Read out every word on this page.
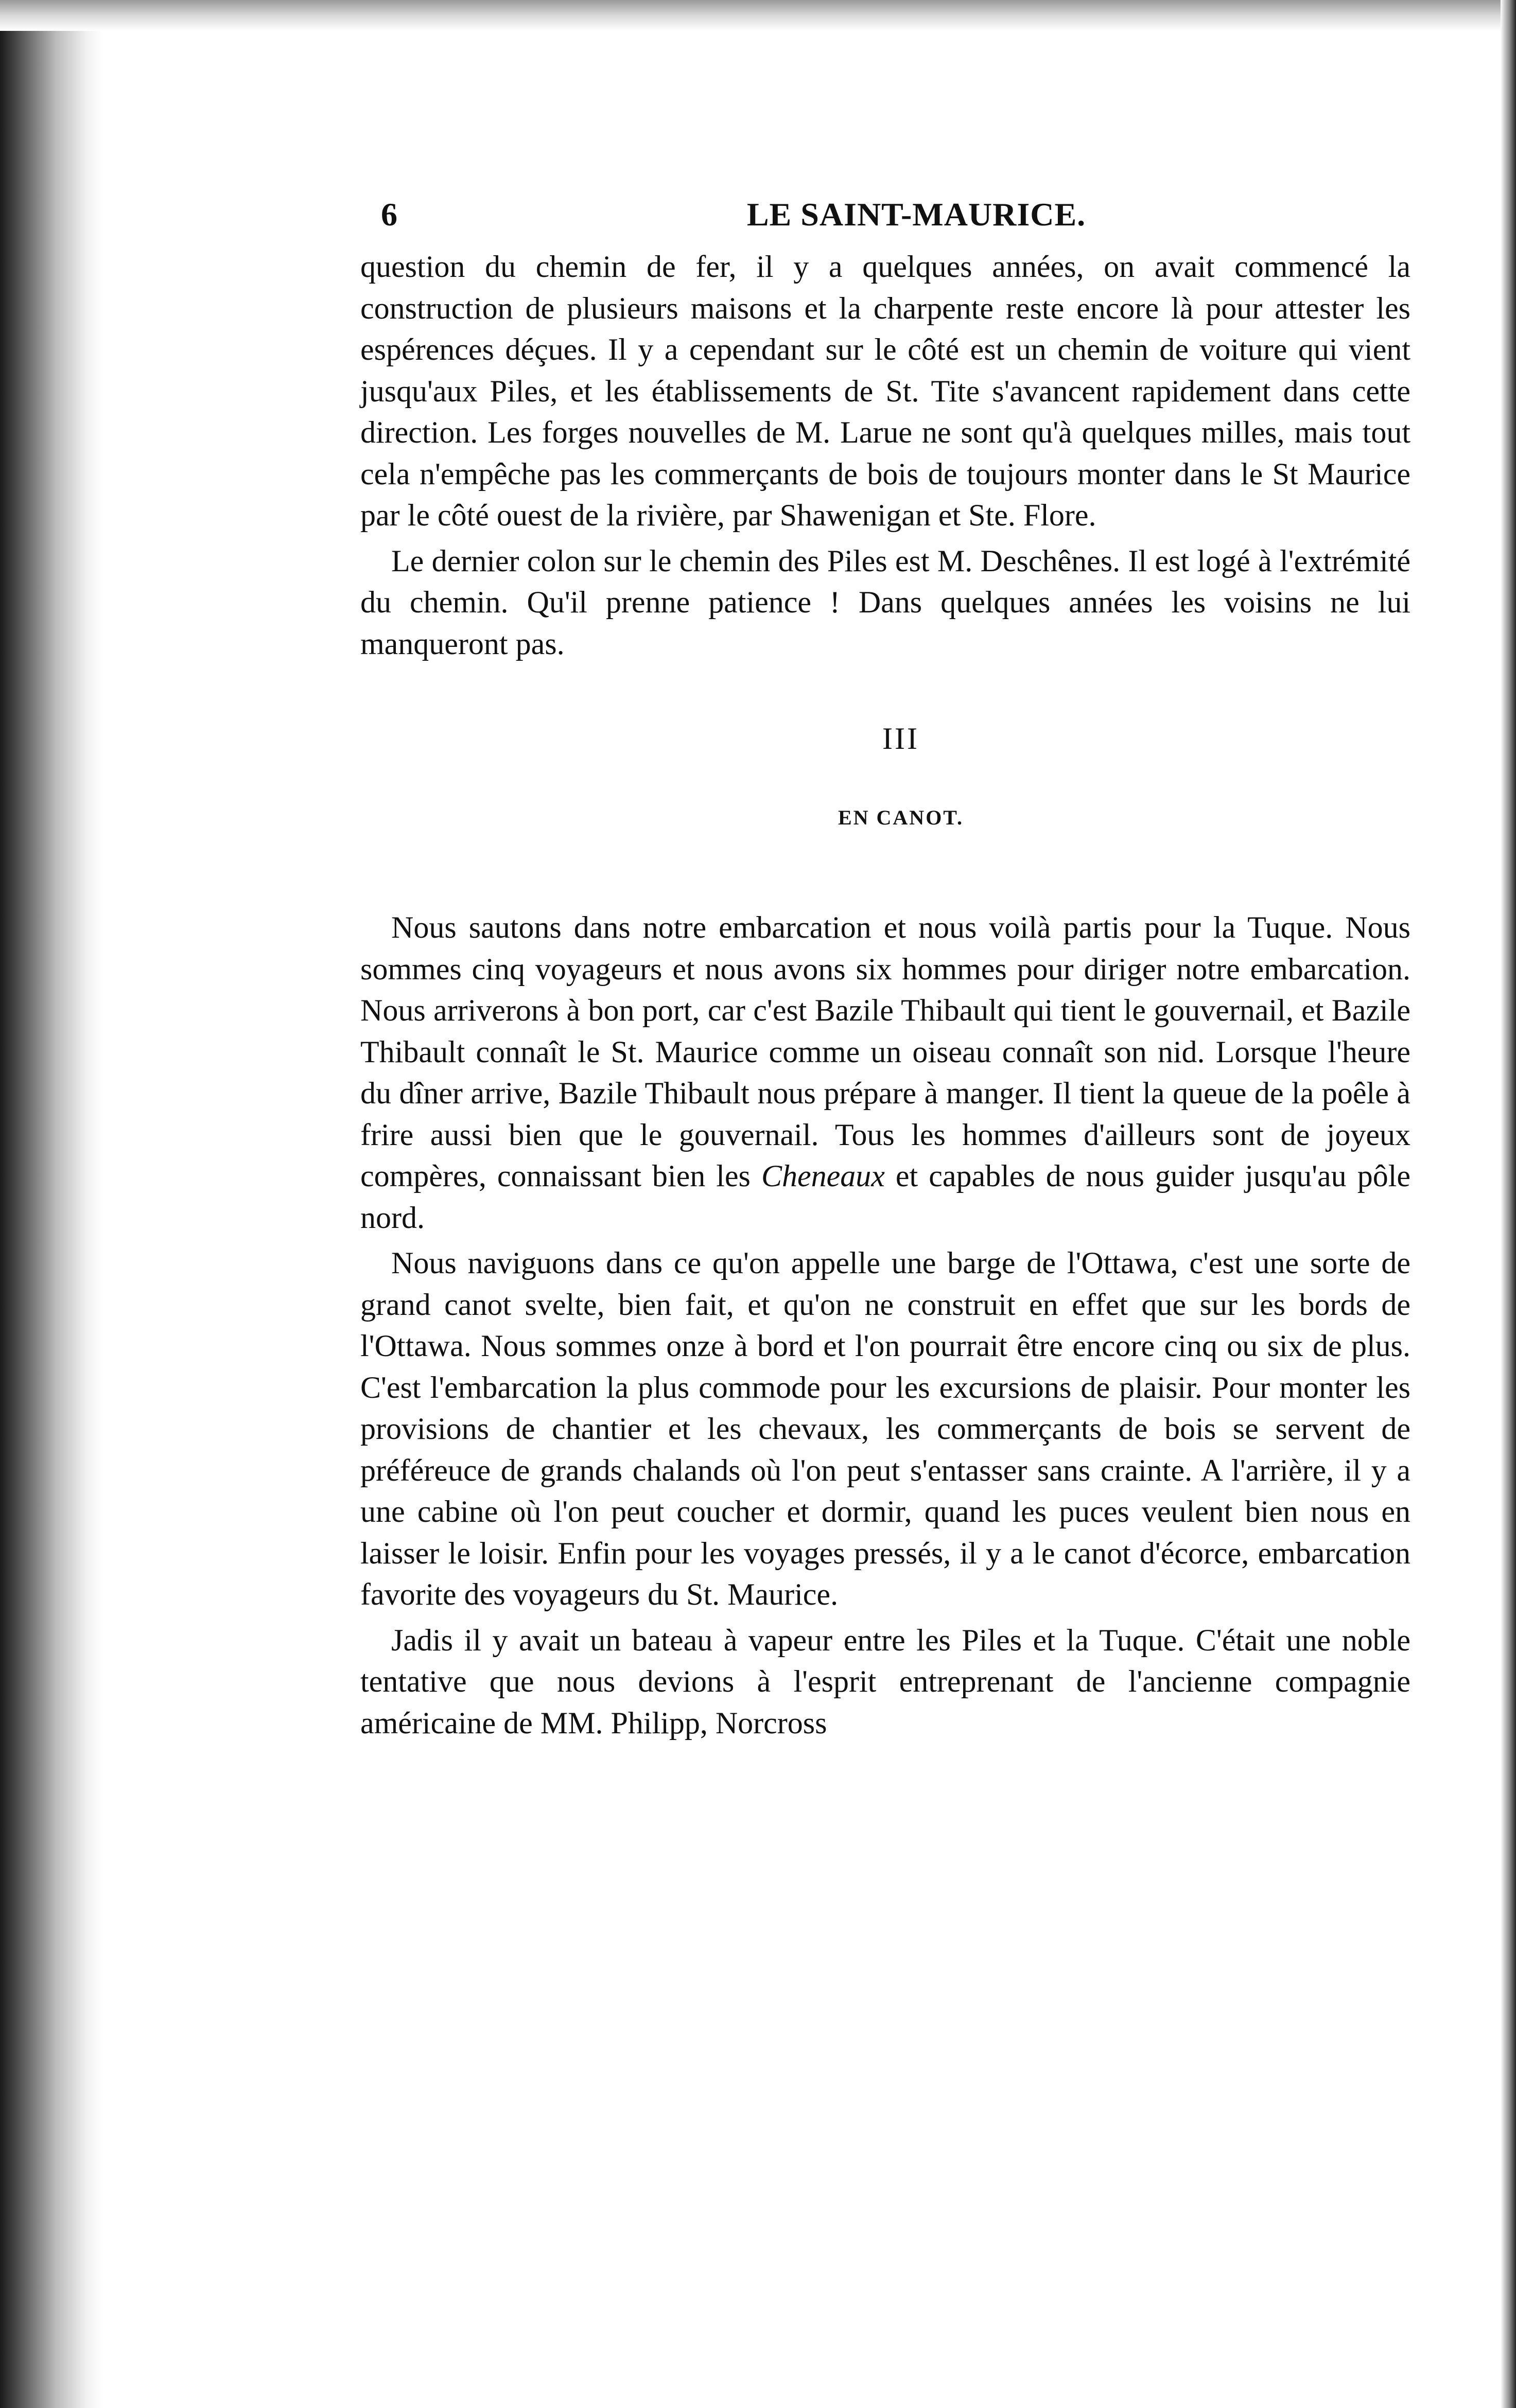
6	LE SAINT-MAURICE.

question du chemin de fer, il y a quelques années, on avait commencé la construction de plusieurs maisons et la charpente reste encore là pour attester les espérences déçues. Il y a cependant sur le côté est un chemin de voiture qui vient jusqu'aux Piles, et les établissements de St. Tite s'avancent rapidement dans cette direction. Les forges nouvelles de M. Larue ne sont qu'à quelques milles, mais tout cela n'empêche pas les commerçants de bois de toujours monter dans le St Maurice par le côté ouest de la rivière, par Shawenigan et Ste. Flore.

Le dernier colon sur le chemin des Piles est M. Deschênes. Il est logé à l'extrémité du chemin. Qu'il prenne patience ! Dans quelques années les voisins ne lui manqueront pas.

III
EN CANOT.

Nous sautons dans notre embarcation et nous voilà partis pour la Tuque. Nous sommes cinq voyageurs et nous avons six hommes pour diriger notre embarcation. Nous arriverons à bon port, car c'est Bazile Thibault qui tient le gouvernail, et Bazile Thibault connaît le St. Maurice comme un oiseau connaît son nid. Lorsque l'heure du dîner arrive, Bazile Thibault nous prépare à manger. Il tient la queue de la poêle à frire aussi bien que le gouvernail. Tous les hommes d'ailleurs sont de joyeux compères, connaissant bien les Cheneaux et capables de nous guider jusqu'au pôle nord.

Nous naviguons dans ce qu'on appelle une barge de l'Ottawa, c'est une sorte de grand canot svelte, bien fait, et qu'on ne construit en effet que sur les bords de l'Ottawa. Nous sommes onze à bord et l'on pourrait être encore cinq ou six de plus. C'est l'embarcation la plus commode pour les excursions de plaisir. Pour monter les provisions de chantier et les chevaux, les commerçants de bois se servent de préféreuce de grands chalands où l'on peut s'entasser sans crainte. A l'arrière, il y a une cabine où l'on peut coucher et dormir, quand les puces veulent bien nous en laisser le loisir. Enfin pour les voyages pressés, il y a le canot d'écorce, embarcation favorite des voyageurs du St. Maurice.

Jadis il y avait un bateau à vapeur entre les Piles et la Tuque. C'était une noble tentative que nous devions à l'esprit entreprenant de l'ancienne compagnie américaine de MM. Philipp, Norcross
